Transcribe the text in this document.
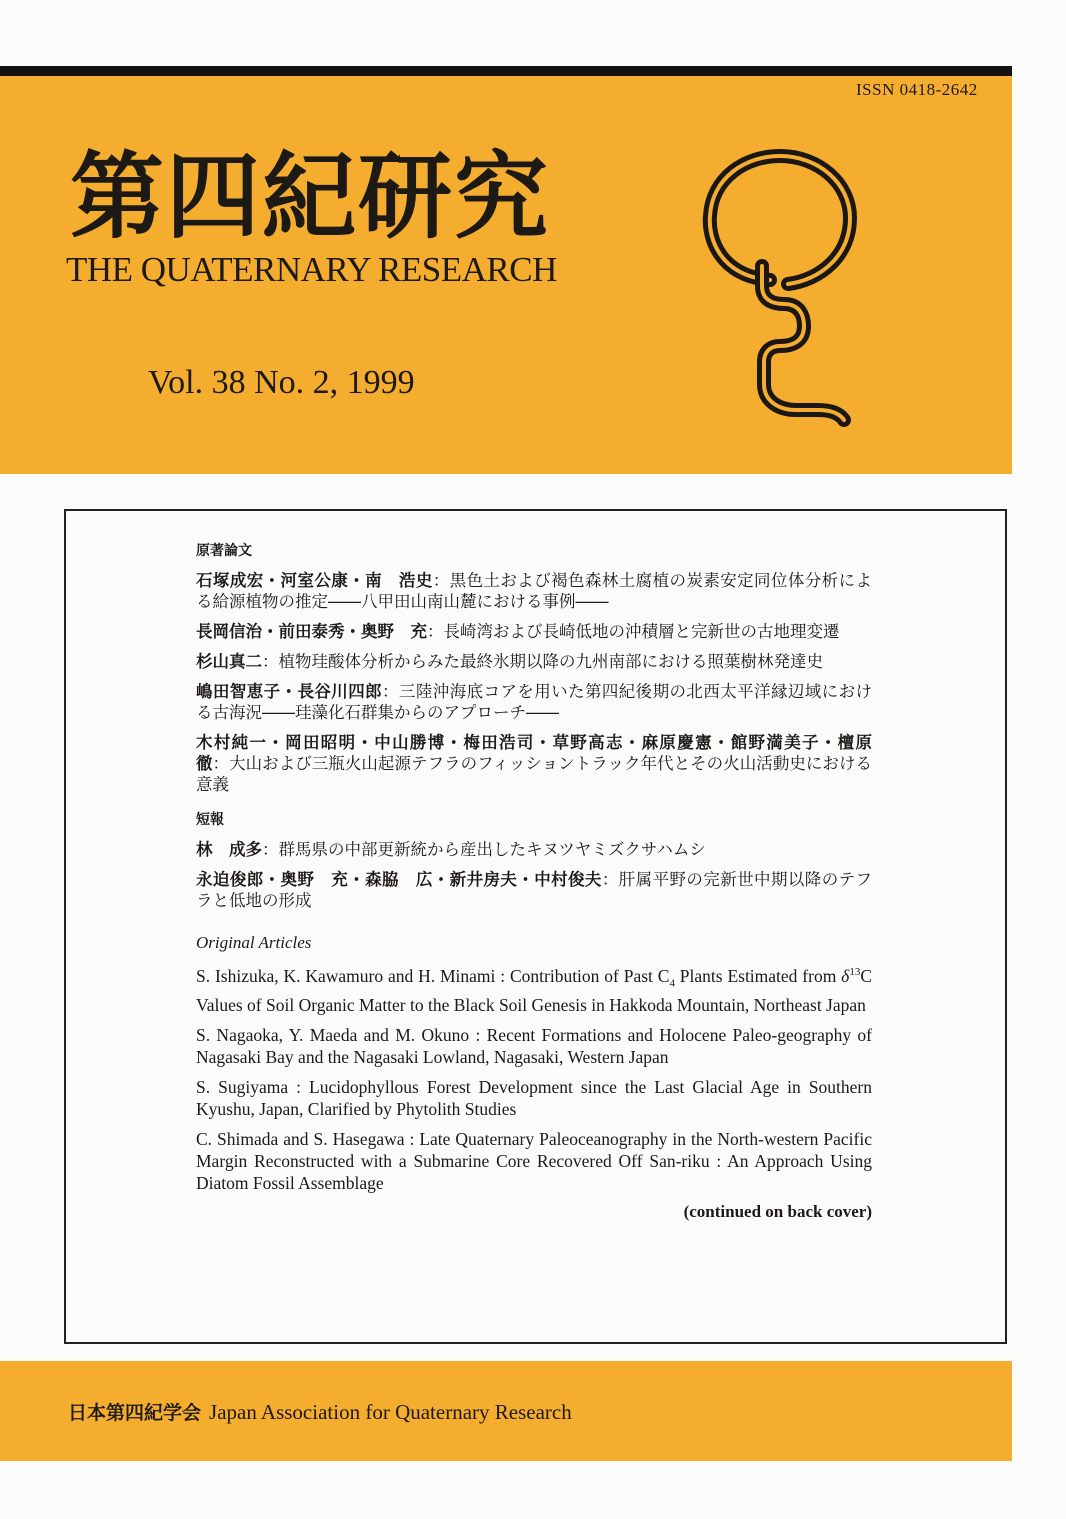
ISSN 0418-2642
第四紀研究
THE QUATERNARY RESEARCH
Vol. 38 No. 2, 1999
原著論文
石塚成宏・河室公康・南　浩史：黒色土および褐色森林土腐植の炭素安定同位体分析による給源植物の推定――八甲田山南山麓における事例――
長岡信治・前田泰秀・奥野　充：長崎湾および長崎低地の沖積層と完新世の古地理変遷
杉山真二：植物珪酸体分析からみた最終氷期以降の九州南部における照葉樹林発達史
嶋田智恵子・長谷川四郎：三陸沖海底コアを用いた第四紀後期の北西太平洋縁辺域における古海況――珪藻化石群集からのアプローチ――
木村純一・岡田昭明・中山勝博・梅田浩司・草野高志・麻原慶憲・館野満美子・檀原　徹：大山および三瓶火山起源テフラのフィッショントラック年代とその火山活動史における意義
短報
林　成多：群馬県の中部更新統から産出したキヌツヤミズクサハムシ
永迫俊郎・奥野　充・森脇　広・新井房夫・中村俊夫：肝属平野の完新世中期以降のテフラと低地の形成
Original Articles
S. Ishizuka, K. Kawamuro and H. Minami : Contribution of Past $C_4$ Plants Estimated from $\delta^{13}C$ Values of Soil Organic Matter to the Black Soil Genesis in Hakkoda Mountain, Northeast Japan
S. Nagaoka, Y. Maeda and M. Okuno : Recent Formations and Holocene Paleo-geography of Nagasaki Bay and the Nagasaki Lowland, Nagasaki, Western Japan
S. Sugiyama : Lucidophyllous Forest Development since the Last Glacial Age in Southern Kyushu, Japan, Clarified by Phytolith Studies
C. Shimada and S. Hasegawa : Late Quaternary Paleoceanography in the North-western Pacific Margin Reconstructed with a Submarine Core Recovered Off San-riku : An Approach Using Diatom Fossil Assemblage
(continued on back cover)
日本第四紀学会 Japan Association for Quaternary Research
